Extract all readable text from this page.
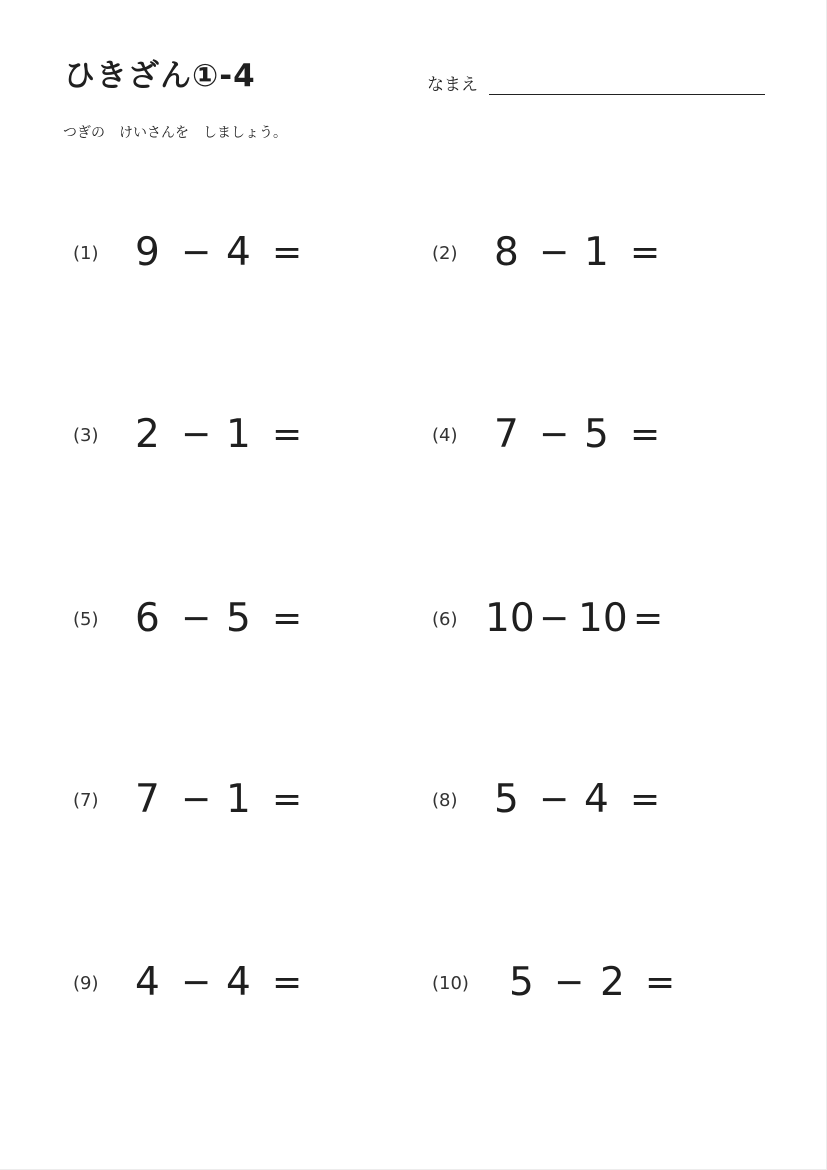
ひきざん①-4	なまえ
つぎの　けいさんを　しましょう。
(1) 9 − 4 =	(2) 8 − 1 =
(3) 2 − 1 =	(4) 7 − 5 =
(5) 6 − 5 =	(6) 10 − 10 =
(7) 7 − 1 =	(8) 5 − 4 =
(9) 4 − 4 =	(10) 5 − 2 =
